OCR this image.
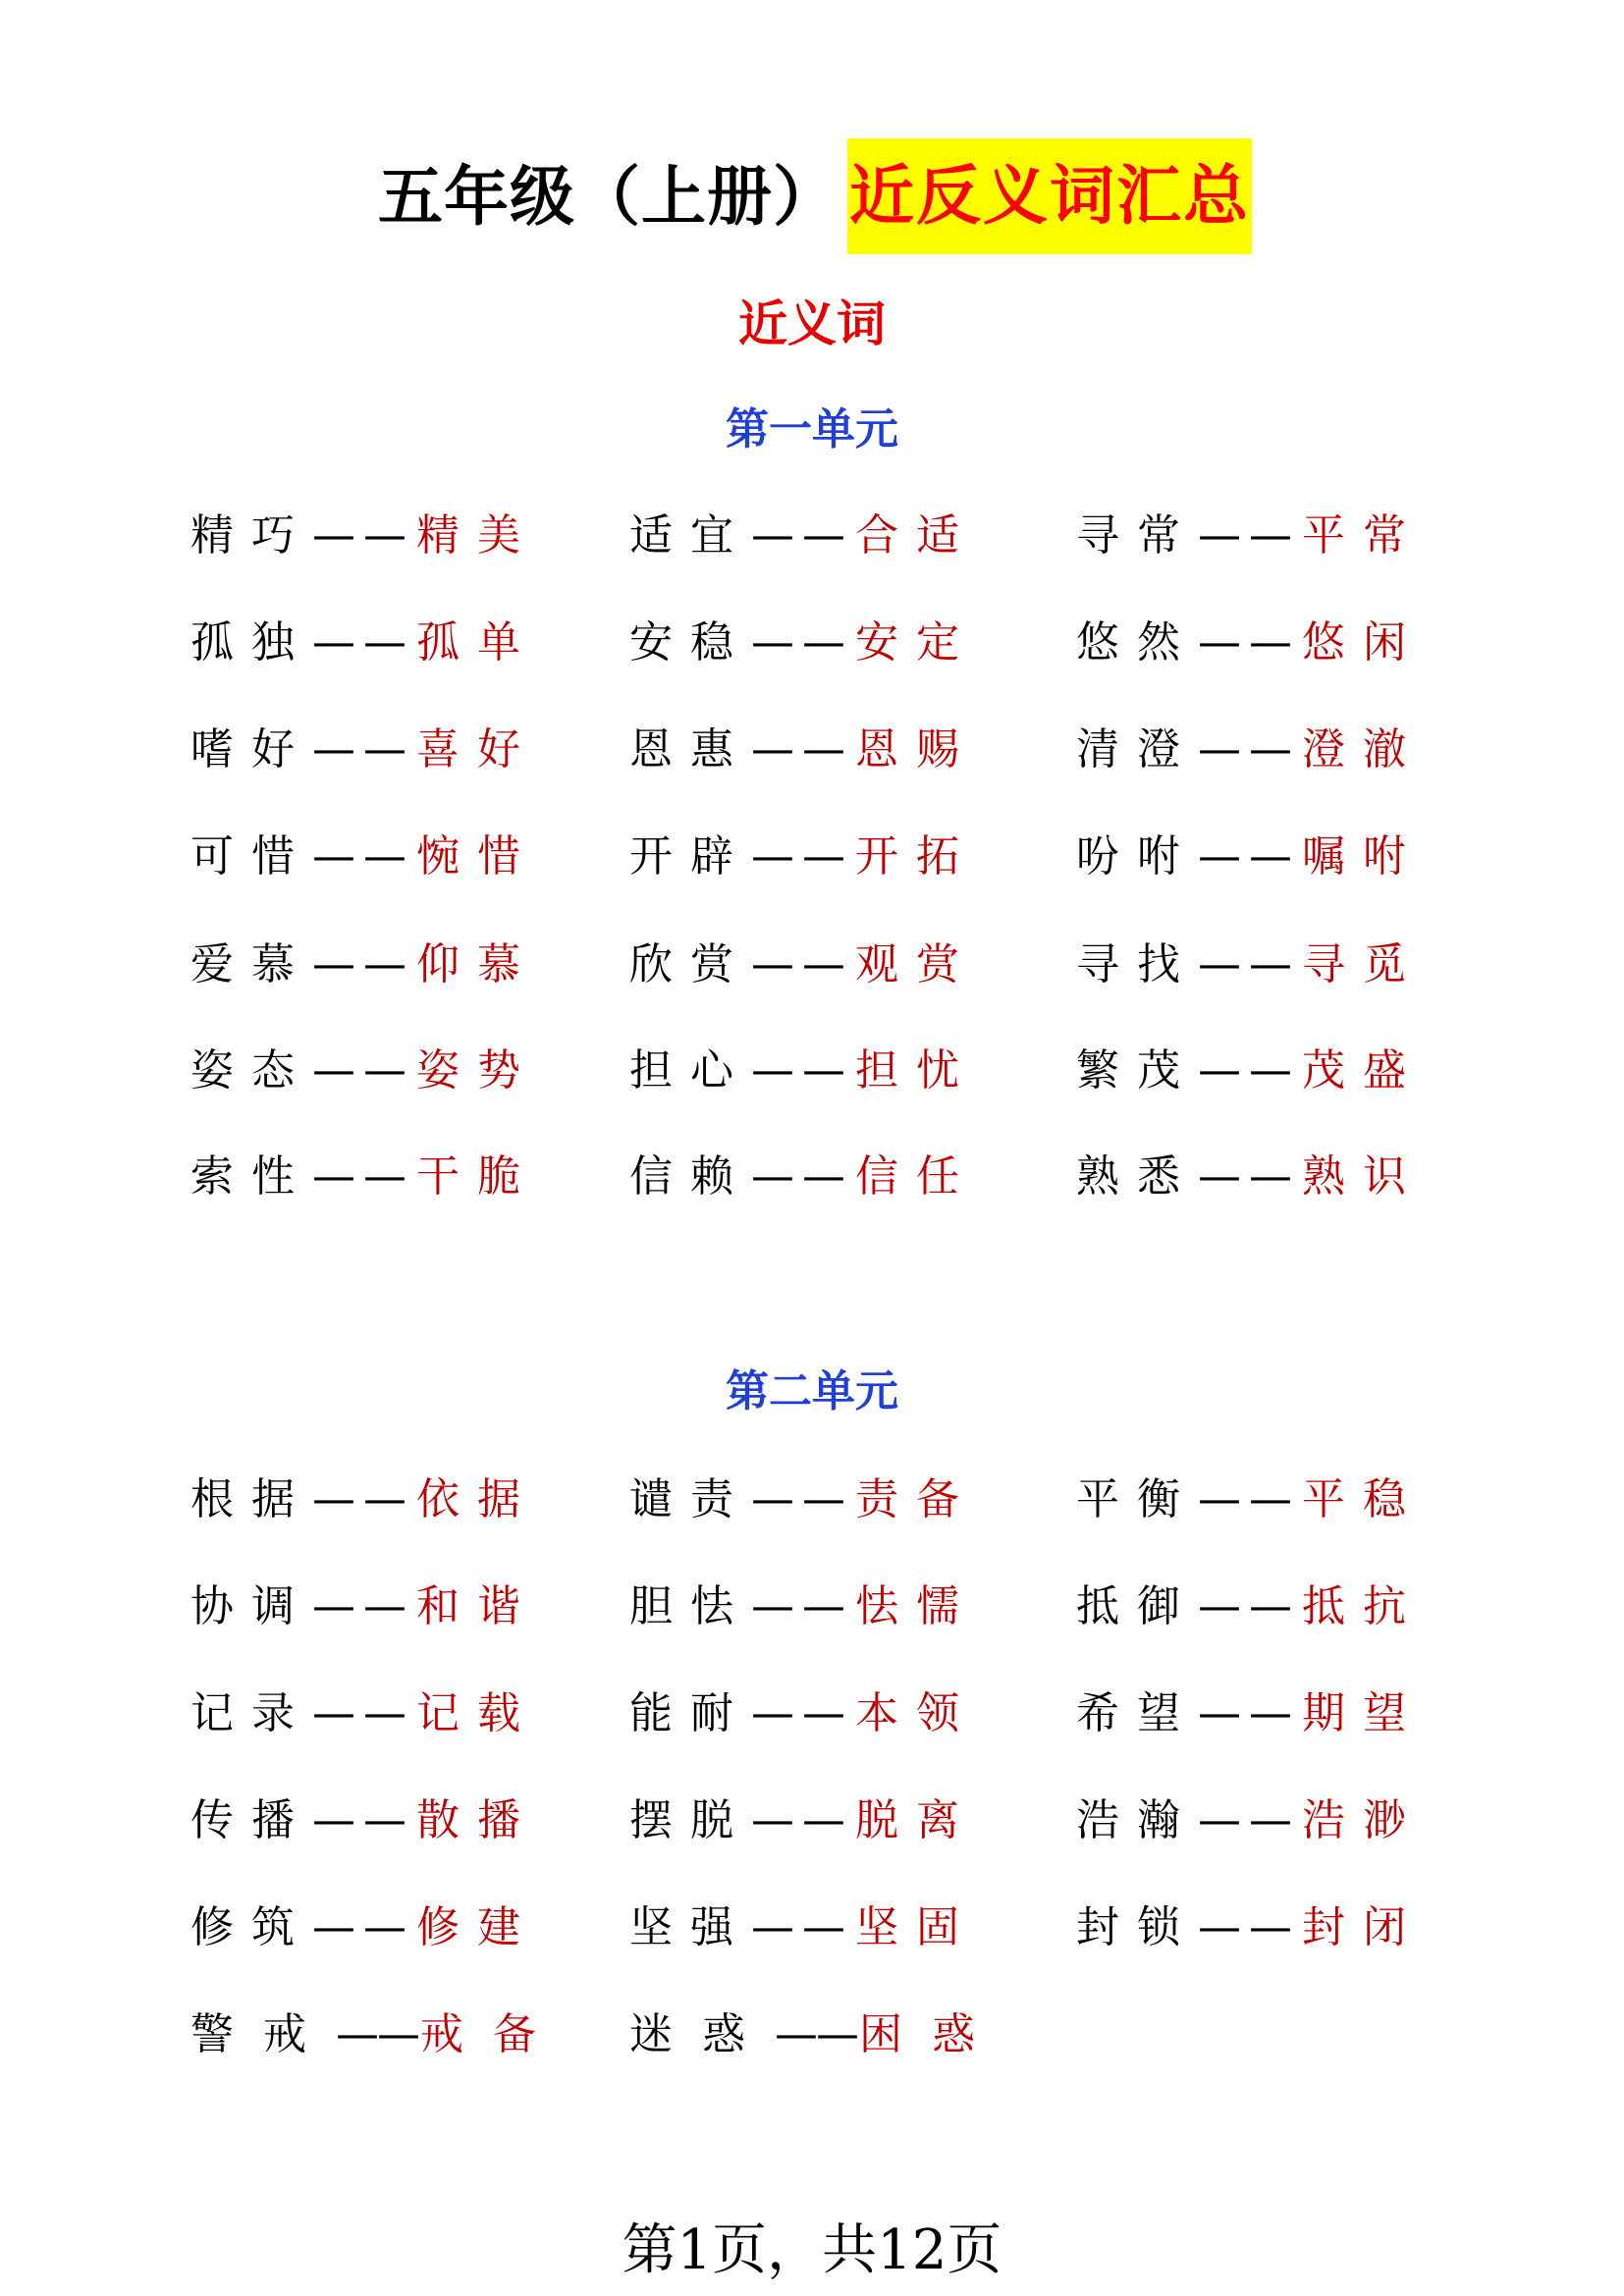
五年级（上册） 近反义词汇总
近义词
第一单元
精巧——精美 适宜——合适 寻常——平常
孤独——孤单 安稳——安定 悠然——悠闲
嗜好——喜好 恩惠——恩赐 清澄——澄澈
可惜——惋惜 开辟——开拓 吩咐——嘱咐
爱慕——仰慕 欣赏——观赏 寻找——寻觅
姿态——姿势 担心——担忧 繁茂——茂盛
索性——干脆 信赖——信任 熟悉——熟识
第二单元
根据——依据 谴责——责备 平衡——平稳
协调——和谐 胆怯——怯懦 抵御——抵抗
记录——记载 能耐——本领 希望——期望
传播——散播 摆脱——脱离 浩瀚——浩渺
修筑——修建 坚强——坚固 封锁——封闭
警戒——戒备 迷惑——困惑
第1页，共12页
